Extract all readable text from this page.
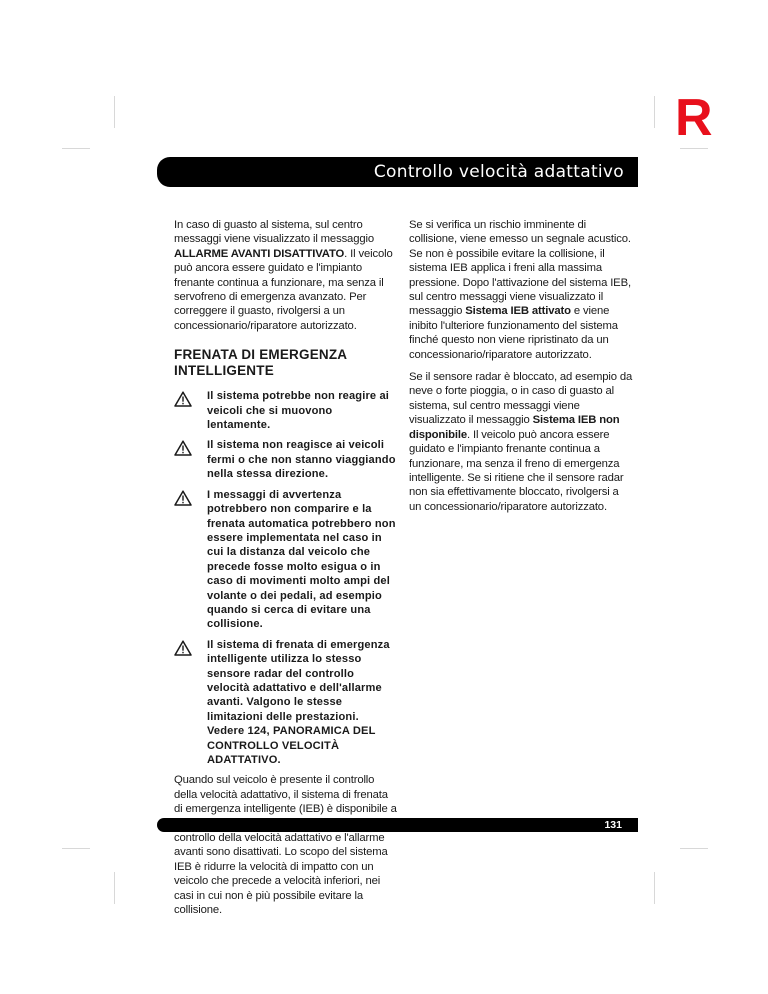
R
Controllo velocità adattativo

In caso di guasto al sistema, sul centro messaggi viene visualizzato il messaggio ALLARME AVANTI DISATTIVATO. Il veicolo può ancora essere guidato e l'impianto frenante continua a funzionare, ma senza il servofreno di emergenza avanzato. Per correggere il guasto, rivolgersi a un concessionario/riparatore autorizzato.

FRENATA DI EMERGENZA INTELLIGENTE
Il sistema potrebbe non reagire ai veicoli che si muovono lentamente.
Il sistema non reagisce ai veicoli fermi o che non stanno viaggiando nella stessa direzione.
I messaggi di avvertenza potrebbero non comparire e la frenata automatica potrebbero non essere implementata nel caso in cui la distanza dal veicolo che precede fosse molto esigua o in caso di movimenti molto ampi del volante o dei pedali, ad esempio quando si cerca di evitare una collisione.
Il sistema di frenata di emergenza intelligente utilizza lo stesso sensore radar del controllo velocità adattativo e dell'allarme avanti. Valgono le stesse limitazioni delle prestazioni. Vedere 124, PANORAMICA DEL CONTROLLO VELOCITÀ ADATTATIVO.

Quando sul veicolo è presente il controllo della velocità adattativo, il sistema di frenata di emergenza intelligente (IEB) è disponibile a controllo della velocità adattativo e l'allarme avanti sono disattivati. Lo scopo del sistema IEB è ridurre la velocità di impatto con un veicolo che precede a velocità inferiori, nei casi in cui non è più possibile evitare la collisione.

Se si verifica un rischio imminente di collisione, viene emesso un segnale acustico. Se non è possibile evitare la collisione, il sistema IEB applica i freni alla massima pressione. Dopo l'attivazione del sistema IEB, sul centro messaggi viene visualizzato il messaggio Sistema IEB attivato e viene inibito l'ulteriore funzionamento del sistema finché questo non viene ripristinato da un concessionario/riparatore autorizzato.

Se il sensore radar è bloccato, ad esempio da neve o forte pioggia, o in caso di guasto al sistema, sul centro messaggi viene visualizzato il messaggio Sistema IEB non disponibile. Il veicolo può ancora essere guidato e l'impianto frenante continua a funzionare, ma senza il freno di emergenza intelligente. Se si ritiene che il sensore radar non sia effettivamente bloccato, rivolgersi a un concessionario/riparatore autorizzato.

131
